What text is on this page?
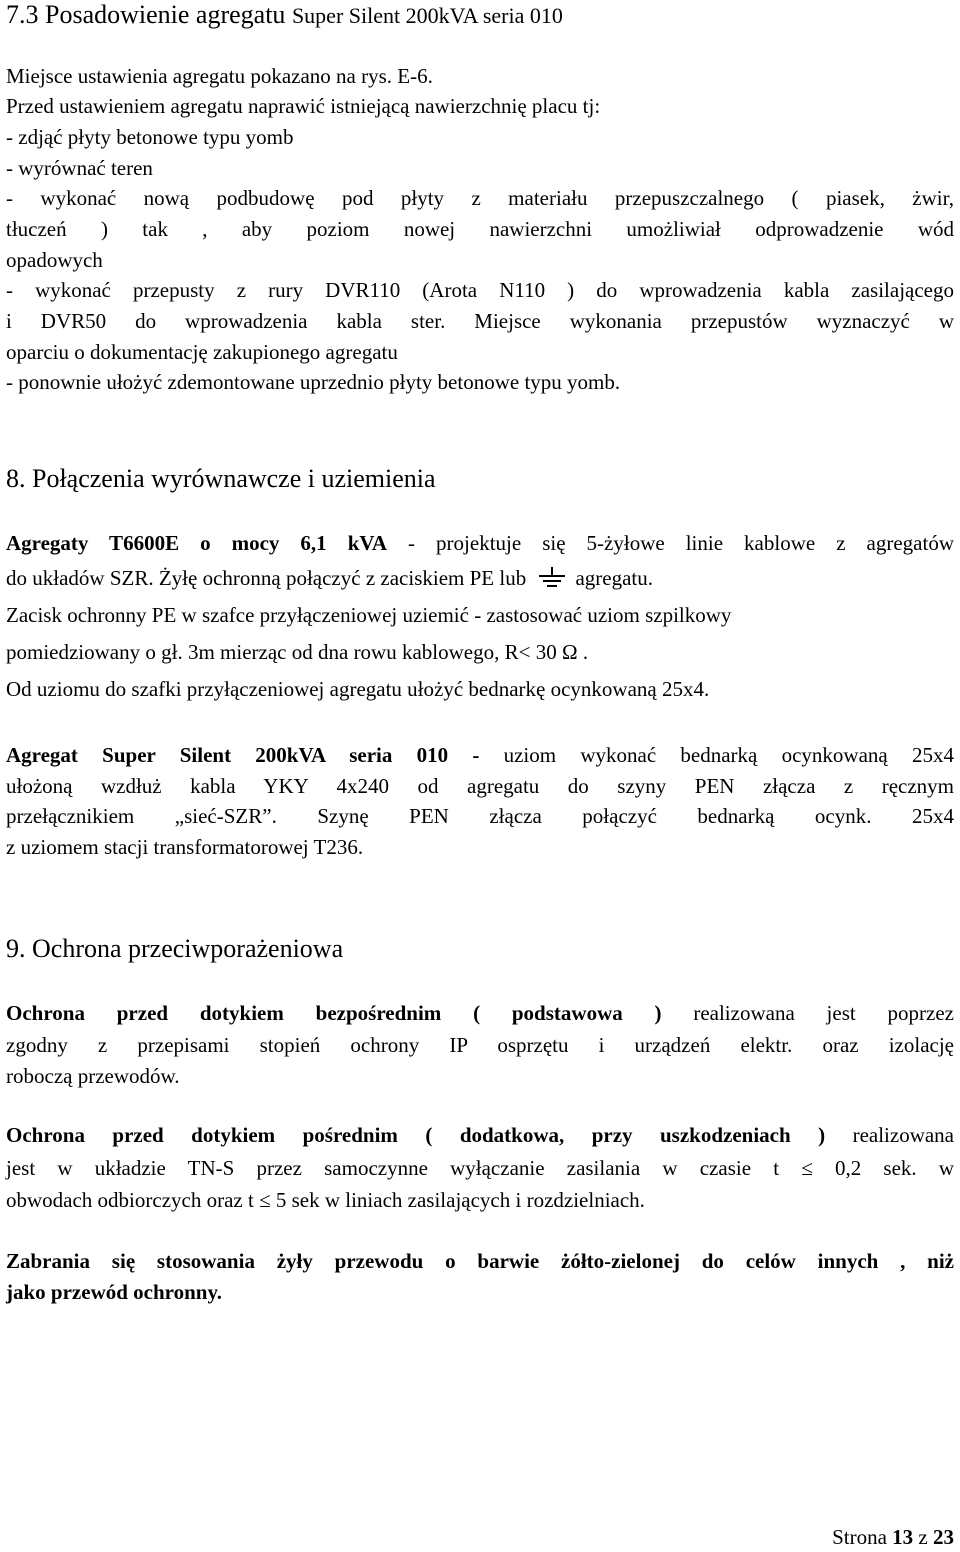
7.3 Posadowienie agregatu Super Silent 200kVA seria 010
Miejsce ustawienia agregatu pokazano na rys. E-6.
Przed ustawieniem agregatu naprawić istniejącą nawierzchnię placu tj:
- zdjąć płyty betonowe typu yomb
- wyrównać teren
- wykonać nową podbudowę pod płyty z materiału przepuszczalnego ( piasek, żwir,
tłuczeń ) tak , aby poziom nowej nawierzchni umożliwiał odprowadzenie wód
opadowych
- wykonać przepusty z rury DVR110 (Arota N110 ) do wprowadzenia kabla zasilającego
i DVR50 do wprowadzenia kabla ster. Miejsce wykonania przepustów wyznaczyć w
oparciu o dokumentację zakupionego agregatu
- ponownie ułożyć zdemontowane uprzednio płyty betonowe typu yomb.
8. Połączenia wyrównawcze i uziemienia
Agregaty T6600E o mocy 6,1 kVA - projektuje się 5-żyłowe linie kablowe z agregatów
do układów SZR. Żyłę ochronną połączyć z zaciskiem PE lub agregatu.
Zacisk ochronny PE w szafce przyłączeniowej uziemić - zastosować uziom szpilkowy
pomiedziowany o gł. 3m mierząc od dna rowu kablowego, R< 30 Ω .
Od uziomu do szafki przyłączeniowej agregatu ułożyć bednarkę ocynkowaną 25x4.
Agregat Super Silent 200kVA seria 010 - uziom wykonać bednarką ocynkowaną 25x4
ułożoną wzdłuż kabla YKY 4x240 od agregatu do szyny PEN złącza z ręcznym
przełącznikiem „sieć-SZR”. Szynę PEN złącza połączyć bednarką ocynk. 25x4
z uziomem stacji transformatorowej T236.
9. Ochrona przeciwporażeniowa
Ochrona przed dotykiem bezpośrednim ( podstawowa ) realizowana jest poprzez
zgodny z przepisami stopień ochrony IP osprzętu i urządzeń elektr. oraz izolację
roboczą przewodów.
Ochrona przed dotykiem pośrednim ( dodatkowa, przy uszkodzeniach ) realizowana
jest w układzie TN-S przez samoczynne wyłączanie zasilania w czasie t ≤ 0,2 sek. w
obwodach odbiorczych oraz t ≤ 5 sek w liniach zasilających i rozdzielniach.
Zabrania się stosowania żyły przewodu o barwie żółto-zielonej do celów innych , niż
jako przewód ochronny.
Strona 13 z 23
